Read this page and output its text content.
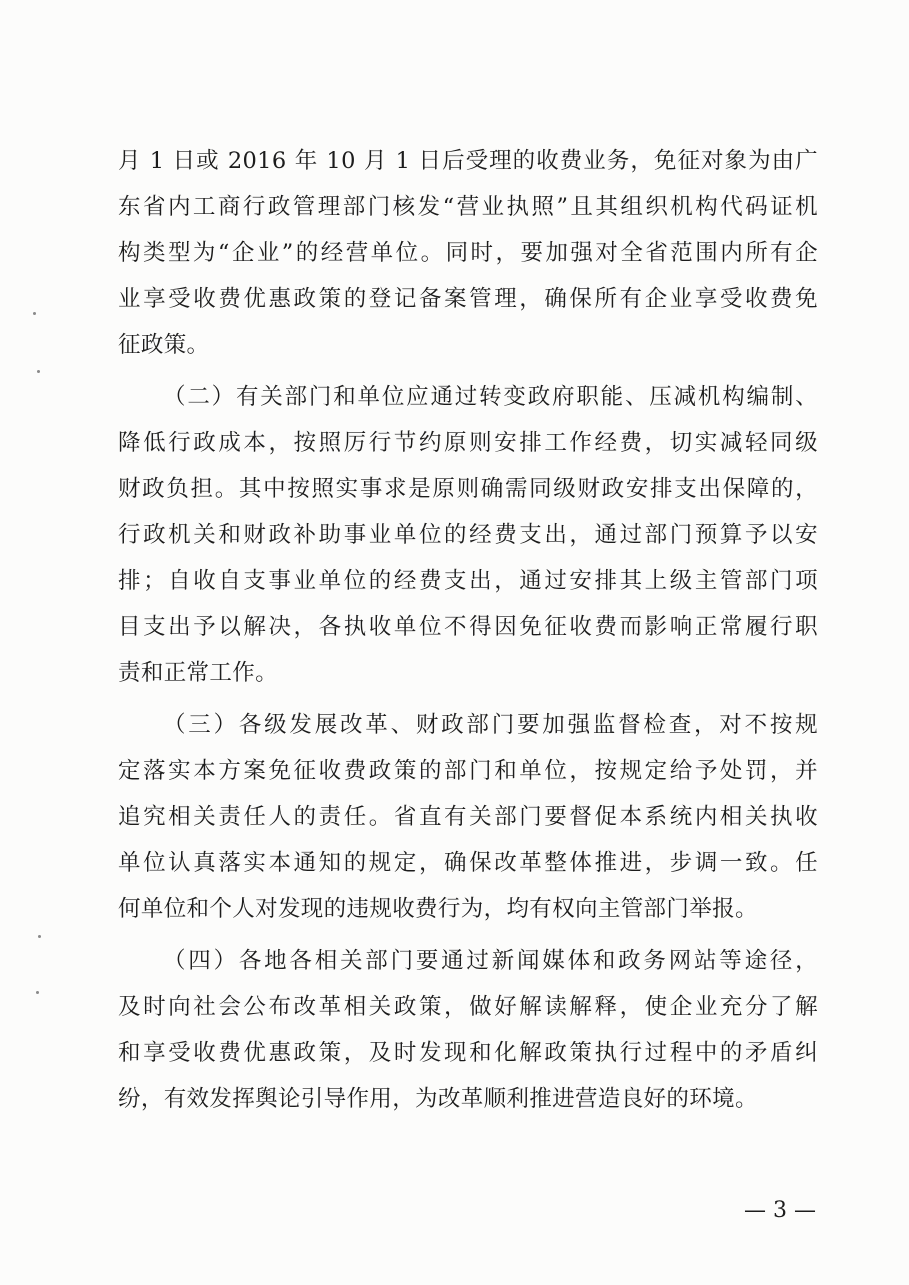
月 1 日或 2016 年 10 月 1 日后受理的收费业务，免征对象为由广
东省内工商行政管理部门核发“营业执照”且其组织机构代码证机
构类型为“企业”的经营单位。同时，要加强对全省范围内所有企
业享受收费优惠政策的登记备案管理，确保所有企业享受收费免
征政策。
（二）有关部门和单位应通过转变政府职能、压减机构编制、
降低行政成本，按照厉行节约原则安排工作经费，切实减轻同级
财政负担。其中按照实事求是原则确需同级财政安排支出保障的，
行政机关和财政补助事业单位的经费支出，通过部门预算予以安
排；自收自支事业单位的经费支出，通过安排其上级主管部门项
目支出予以解决，各执收单位不得因免征收费而影响正常履行职
责和正常工作。
（三）各级发展改革、财政部门要加强监督检查，对不按规
定落实本方案免征收费政策的部门和单位，按规定给予处罚，并
追究相关责任人的责任。省直有关部门要督促本系统内相关执收
单位认真落实本通知的规定，确保改革整体推进，步调一致。任
何单位和个人对发现的违规收费行为，均有权向主管部门举报。
（四）各地各相关部门要通过新闻媒体和政务网站等途径，
及时向社会公布改革相关政策，做好解读解释，使企业充分了解
和享受收费优惠政策，及时发现和化解政策执行过程中的矛盾纠
纷，有效发挥舆论引导作用，为改革顺利推进营造良好的环境。
— 3 —
